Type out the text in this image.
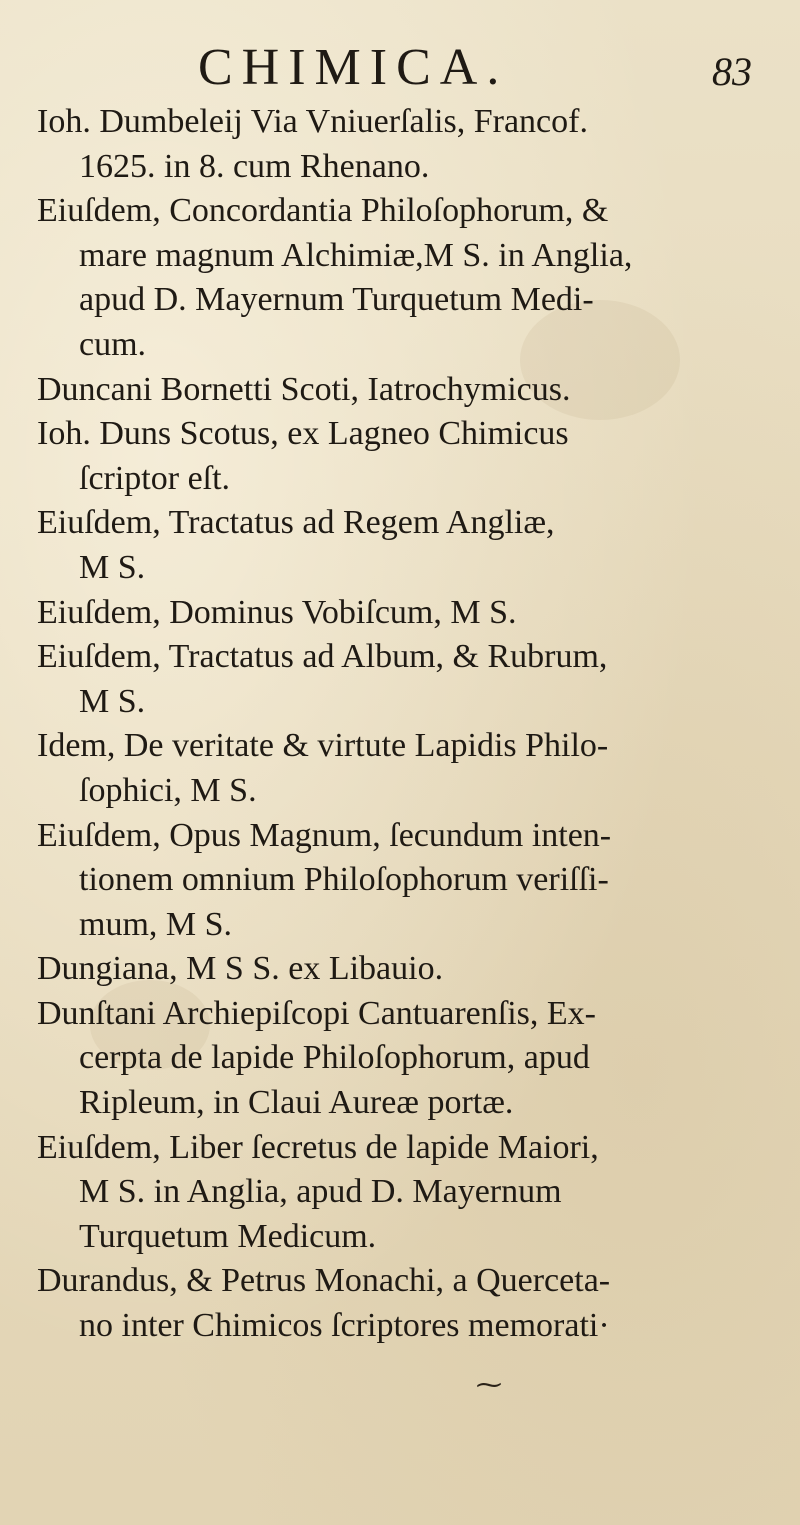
CHIMICA.	83
Ioh. Dumbeleij Via Vniuerſalis, Francof.
1625. in 8. cum Rhenano.
Eiuſdem, Concordantia Philoſophorum, &
mare magnum Alchimiæ,M S. in Anglia,
apud D. Mayernum Turquetum Medi-
cum.
Duncani Bornetti Scoti, Iatrochymicus.
Ioh. Duns Scotus, ex Lagneo Chimicus
ſcriptor eſt.
Eiuſdem, Tractatus ad Regem Angliæ,
M S.
Eiuſdem, Dominus Vobiſcum, M S.
Eiuſdem, Tractatus ad Album, & Rubrum,
M S.
Idem, De veritate & virtute Lapidis Philo-
ſophici, M S.
Eiuſdem, Opus Magnum, ſecundum inten-
tionem omnium Philoſophorum veriſſi-
mum, M S.
Dungiana, M S S. ex Libauio.
Dunſtani Archiepiſcopi Cantuarenſis, Ex-
cerpta de lapide Philoſophorum, apud
Ripleum, in Claui Aureæ portæ.
Eiuſdem, Liber ſecretus de lapide Maiori,
M S. in Anglia, apud D. Mayernum
Turquetum Medicum.
Durandus, & Petrus Monachi, a Quercetа-
no inter Chimicos ſcriptores memorati·
⁓
